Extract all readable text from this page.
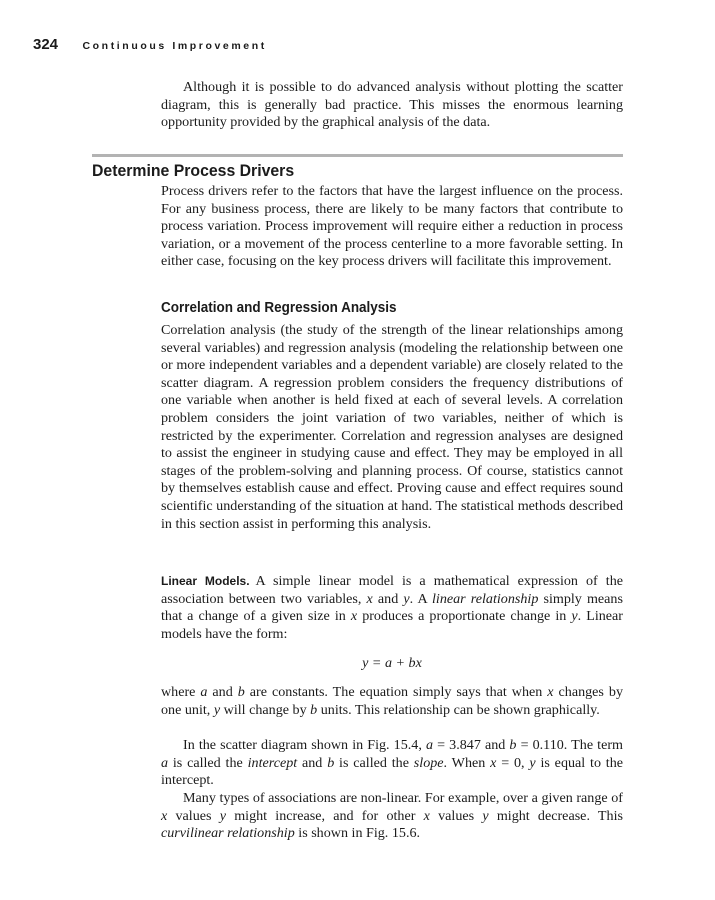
324 Continuous Improvement

Although it is possible to do advanced analysis without plotting the scatter diagram, this is generally bad practice. This misses the enormous learning opportunity provided by the graphical analysis of the data.

Determine Process Drivers

Process drivers refer to the factors that have the largest influence on the process. For any business process, there are likely to be many factors that contribute to process variation. Process improvement will require either a reduction in process variation, or a movement of the process centerline to a more favorable setting. In either case, focusing on the key process drivers will facilitate this improvement.

Correlation and Regression Analysis

Correlation analysis (the study of the strength of the linear relationships among several variables) and regression analysis (modeling the relationship between one or more independent variables and a dependent variable) are closely related to the scatter diagram. A regression problem considers the frequency distributions of one variable when another is held fixed at each of several levels. A correlation problem considers the joint variation of two variables, neither of which is restricted by the experimenter. Correlation and regression analyses are designed to assist the engineer in studying cause and effect. They may be employed in all stages of the problem-solving and planning process. Of course, statistics cannot by themselves establish cause and effect. Proving cause and effect requires sound scientific understanding of the situation at hand. The statistical methods described in this section assist in performing this analysis.

Linear Models. A simple linear model is a mathematical expression of the association between two variables, x and y. A linear relationship simply means that a change of a given size in x produces a proportionate change in y. Linear models have the form:

y = a + bx

where a and b are constants. The equation simply says that when x changes by one unit, y will change by b units. This relationship can be shown graphically.

In the scatter diagram shown in Fig. 15.4, a = 3.847 and b = 0.110. The term a is called the intercept and b is called the slope. When x = 0, y is equal to the intercept.

Many types of associations are non-linear. For example, over a given range of x values y might increase, and for other x values y might decrease. This curvilinear relationship is shown in Fig. 15.6.
